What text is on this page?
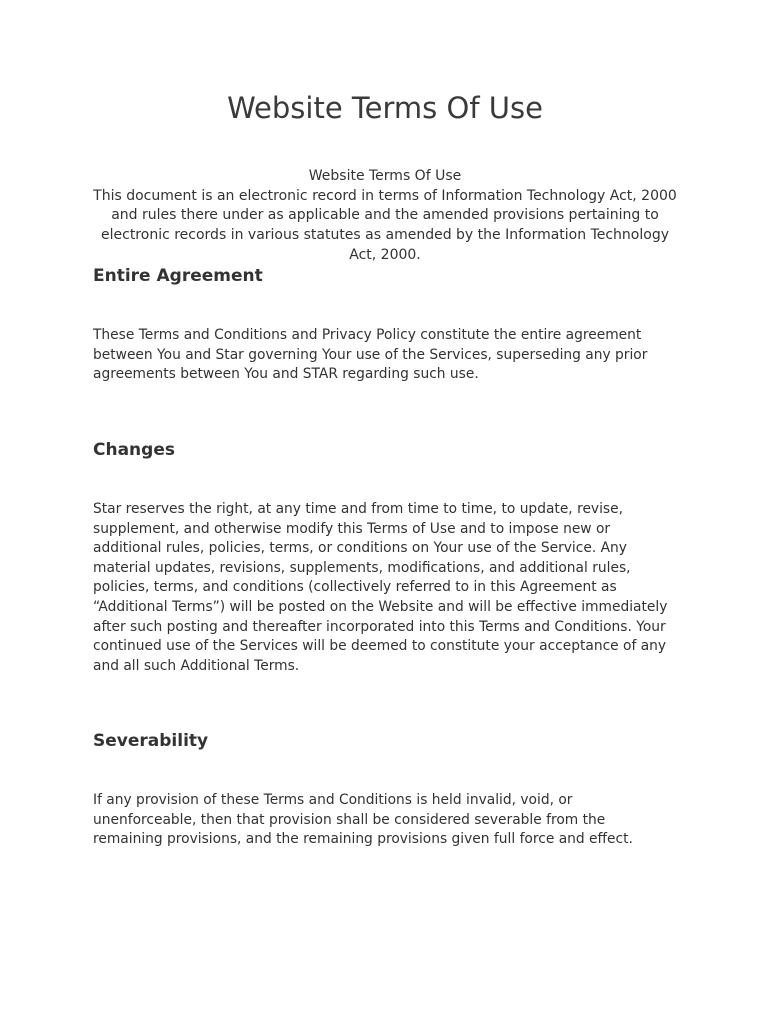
Website Terms Of Use

Website Terms Of Use

This document is an electronic record in terms of Information Technology Act, 2000 and rules there under as applicable and the amended provisions pertaining to electronic records in various statutes as amended by the Information Technology Act, 2000.

Entire Agreement

These Terms and Conditions and Privacy Policy constitute the entire agreement between You and Star governing Your use of the Services, superseding any prior agreements between You and STAR regarding such use.

Changes

Star reserves the right, at any time and from time to time, to update, revise, supplement, and otherwise modify this Terms of Use and to impose new or additional rules, policies, terms, or conditions on Your use of the Service. Any material updates, revisions, supplements, modifications, and additional rules, policies, terms, and conditions (collectively referred to in this Agreement as “Additional Terms”) will be posted on the Website and will be effective immediately after such posting and thereafter incorporated into this Terms and Conditions. Your continued use of the Services will be deemed to constitute your acceptance of any and all such Additional Terms.

Severability

If any provision of these Terms and Conditions is held invalid, void, or unenforceable, then that provision shall be considered severable from the remaining provisions, and the remaining provisions given full force and effect.
